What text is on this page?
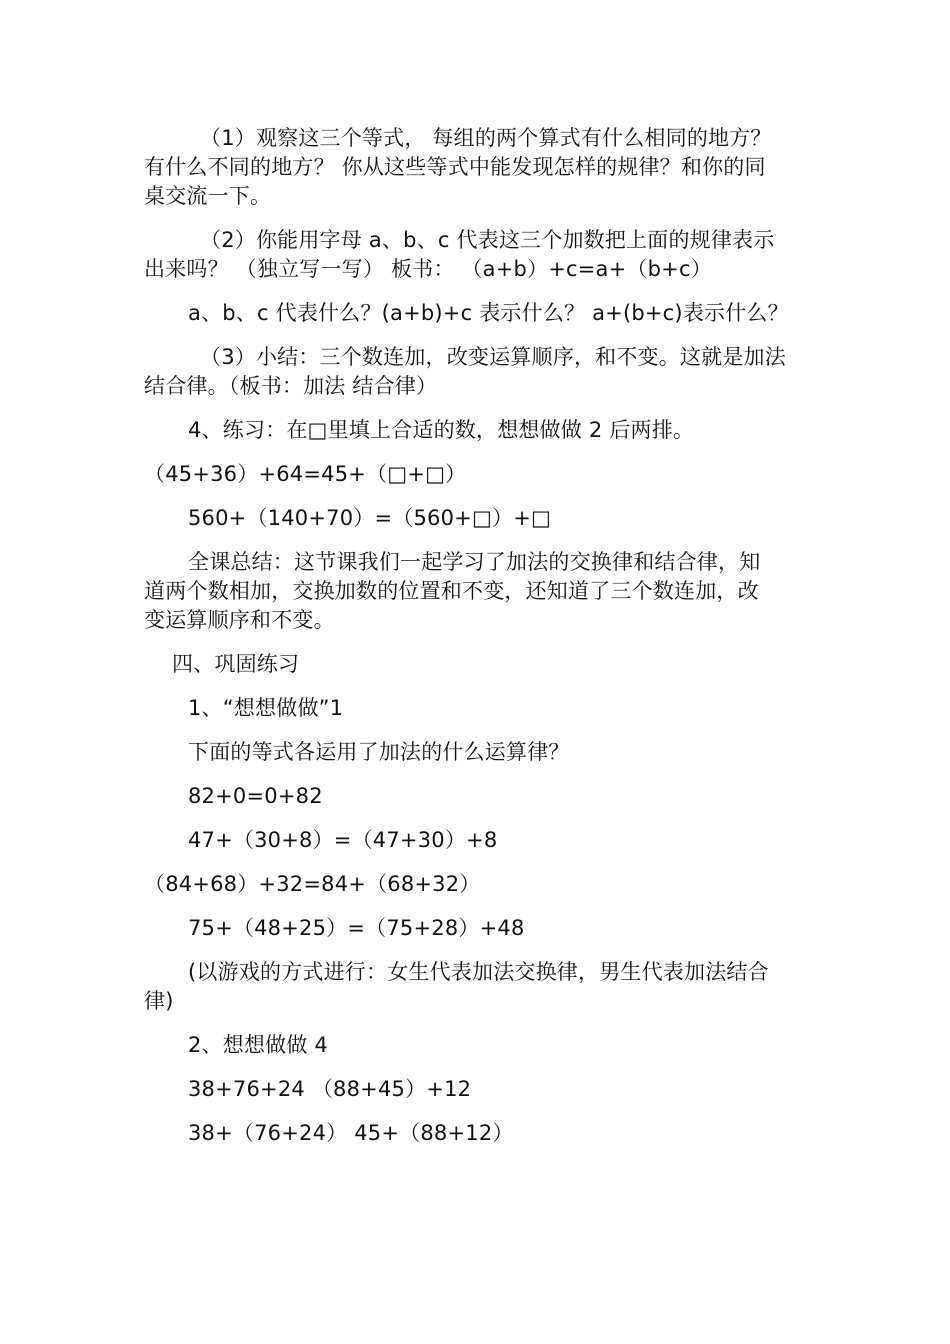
（1）观察这三个等式， 每组的两个算式有什么相同的地方？
有什么不同的地方？ 你从这些等式中能发现怎样的规律？和你的同
桌交流一下。

（2）你能用字母 a、b、c 代表这三个加数把上面的规律表示
出来吗？ （独立写一写） 板书： （a+b）+c=a+（b+c）

a、b、c 代表什么？(a+b)+c 表示什么？ a+(b+c)表示什么？

（3）小结：三个数连加，改变运算顺序，和不变。这就是加法
结合律。（板书：加法 结合律）

4、练习：在□里填上合适的数，想想做做 2 后两排。

（45+36）+64=45+（□+□）

560+（140+70）=（560+□）+□

全课总结：这节课我们一起学习了加法的交换律和结合律，知
道两个数相加，交换加数的位置和不变，还知道了三个数连加，改
变运算顺序和不变。

四、巩固练习

1、“想想做做”1

下面的等式各运用了加法的什么运算律？

82+0=0+82

47+（30+8）=（47+30）+8

（84+68）+32=84+（68+32）

75+（48+25）=（75+28）+48

(以游戏的方式进行：女生代表加法交换律，男生代表加法结合
律)

2、想想做做 4

38+76+24 （88+45）+12

38+（76+24） 45+（88+12）
